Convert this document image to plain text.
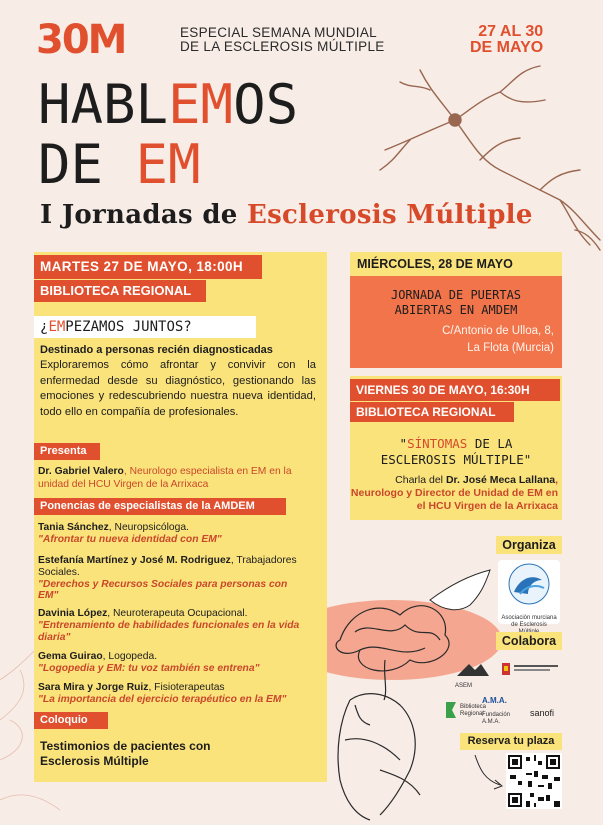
30M	ESPECIAL SEMANA MUNDIAL
DE LA ESCLEROSIS MÚLTIPLE
27 AL 30
DE MAYO
HABLEMOS
DE EM
I Jornadas de Esclerosis Múltiple
MARTES 27 DE MAYO, 18:00H
BIBLIOTECA REGIONAL
¿EMPEZAMOS JUNTOS?
Destinado a personas recién diagnosticadas
Exploraremos cómo afrontar y convivir con la enfermedad desde su diagnóstico, gestionando las emociones y redescubriendo nuestra nueva identidad, todo ello en compañía de profesionales.
Presenta
Dr. Gabriel Valero, Neurologo especialista en EM en la unidad del HCU Virgen de la Arrixaca
Ponencias de especialistas de la AMDEM
Tania Sánchez, Neuropsicóloga.
"Afrontar tu nueva identidad con EM"
Estefanía Martínez y José M. Rodriguez, Trabajadores Sociales.
"Derechos y Recursos Sociales para personas con EM"
Davinia Lópe​z, Neuroterapeuta Ocupacional.
"Entrenamiento de habilidades funcionales en la vida diaria"
Gema Guirao, Logopeda.
"Logopedia y EM: tu voz también se entrena"
Sara Mira y Jorge Ruiz, Fisioterapeutas
"La importancia del ejercicio terapéutico en la EM"
Coloquio
Testimonios de pacientes con Esclerosis Múltiple
MIÉRCOLES, 28 DE MAYO
JORNADA DE PUERTAS
ABIERTAS EN AMDEM
C/Antonio de Ulloa, 8,
La Flota (Murcia)
VIERNES 30 DE MAYO, 16:30H
BIBLIOTECA REGIONAL
"SÍNTOMAS DE LA
ESCLEROSIS MÚLTIPLE"
Charla del Dr. José Meca Lallana, Neurologo y Director de Unidad de EM en el HCU Virgen de la Arrixaca
Organiza
Asociación murciana de Esclerosis
Colabora
ASEM
Biblioteca Regional
A.M.A.
Fundación A.M.A.
sanofi
Reserva tu plaza
